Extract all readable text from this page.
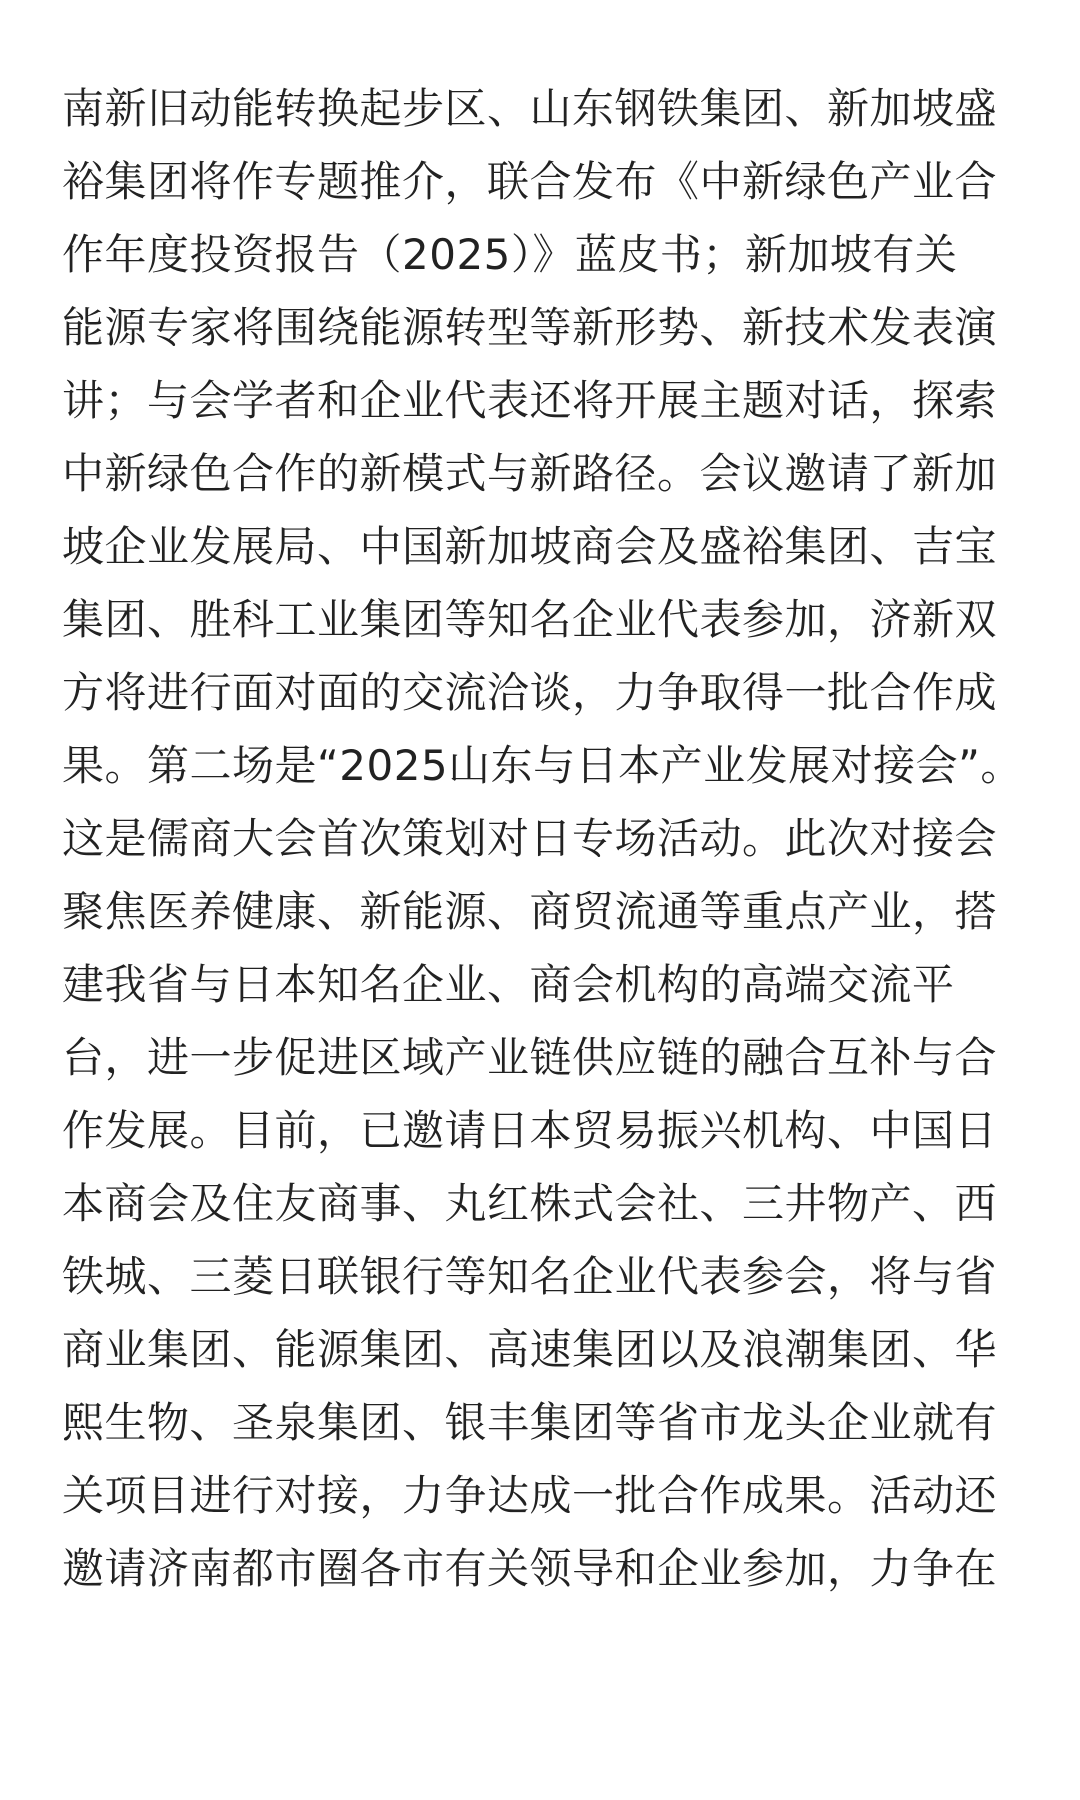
南新旧动能转换起步区、山东钢铁集团、新加坡盛
裕集团将作专题推介，联合发布《中新绿色产业合
作年度投资报告（2025）》蓝皮书；新加坡有关
能源专家将围绕能源转型等新形势、新技术发表演
讲；与会学者和企业代表还将开展主题对话，探索
中新绿色合作的新模式与新路径。会议邀请了新加
坡企业发展局、中国新加坡商会及盛裕集团、吉宝
集团、胜科工业集团等知名企业代表参加，济新双
方将进行面对面的交流洽谈，力争取得一批合作成
果。第二场是“2025山东与日本产业发展对接会”。
这是儒商大会首次策划对日专场活动。此次对接会
聚焦医养健康、新能源、商贸流通等重点产业，搭
建我省与日本知名企业、商会机构的高端交流平
台，进一步促进区域产业链供应链的融合互补与合
作发展。目前，已邀请日本贸易振兴机构、中国日
本商会及住友商事、丸红株式会社、三井物产、西
铁城、三菱日联银行等知名企业代表参会，将与省
商业集团、能源集团、高速集团以及浪潮集团、华
熙生物、圣泉集团、银丰集团等省市龙头企业就有
关项目进行对接，力争达成一批合作成果。活动还
邀请济南都市圈各市有关领导和企业参加，力争在
